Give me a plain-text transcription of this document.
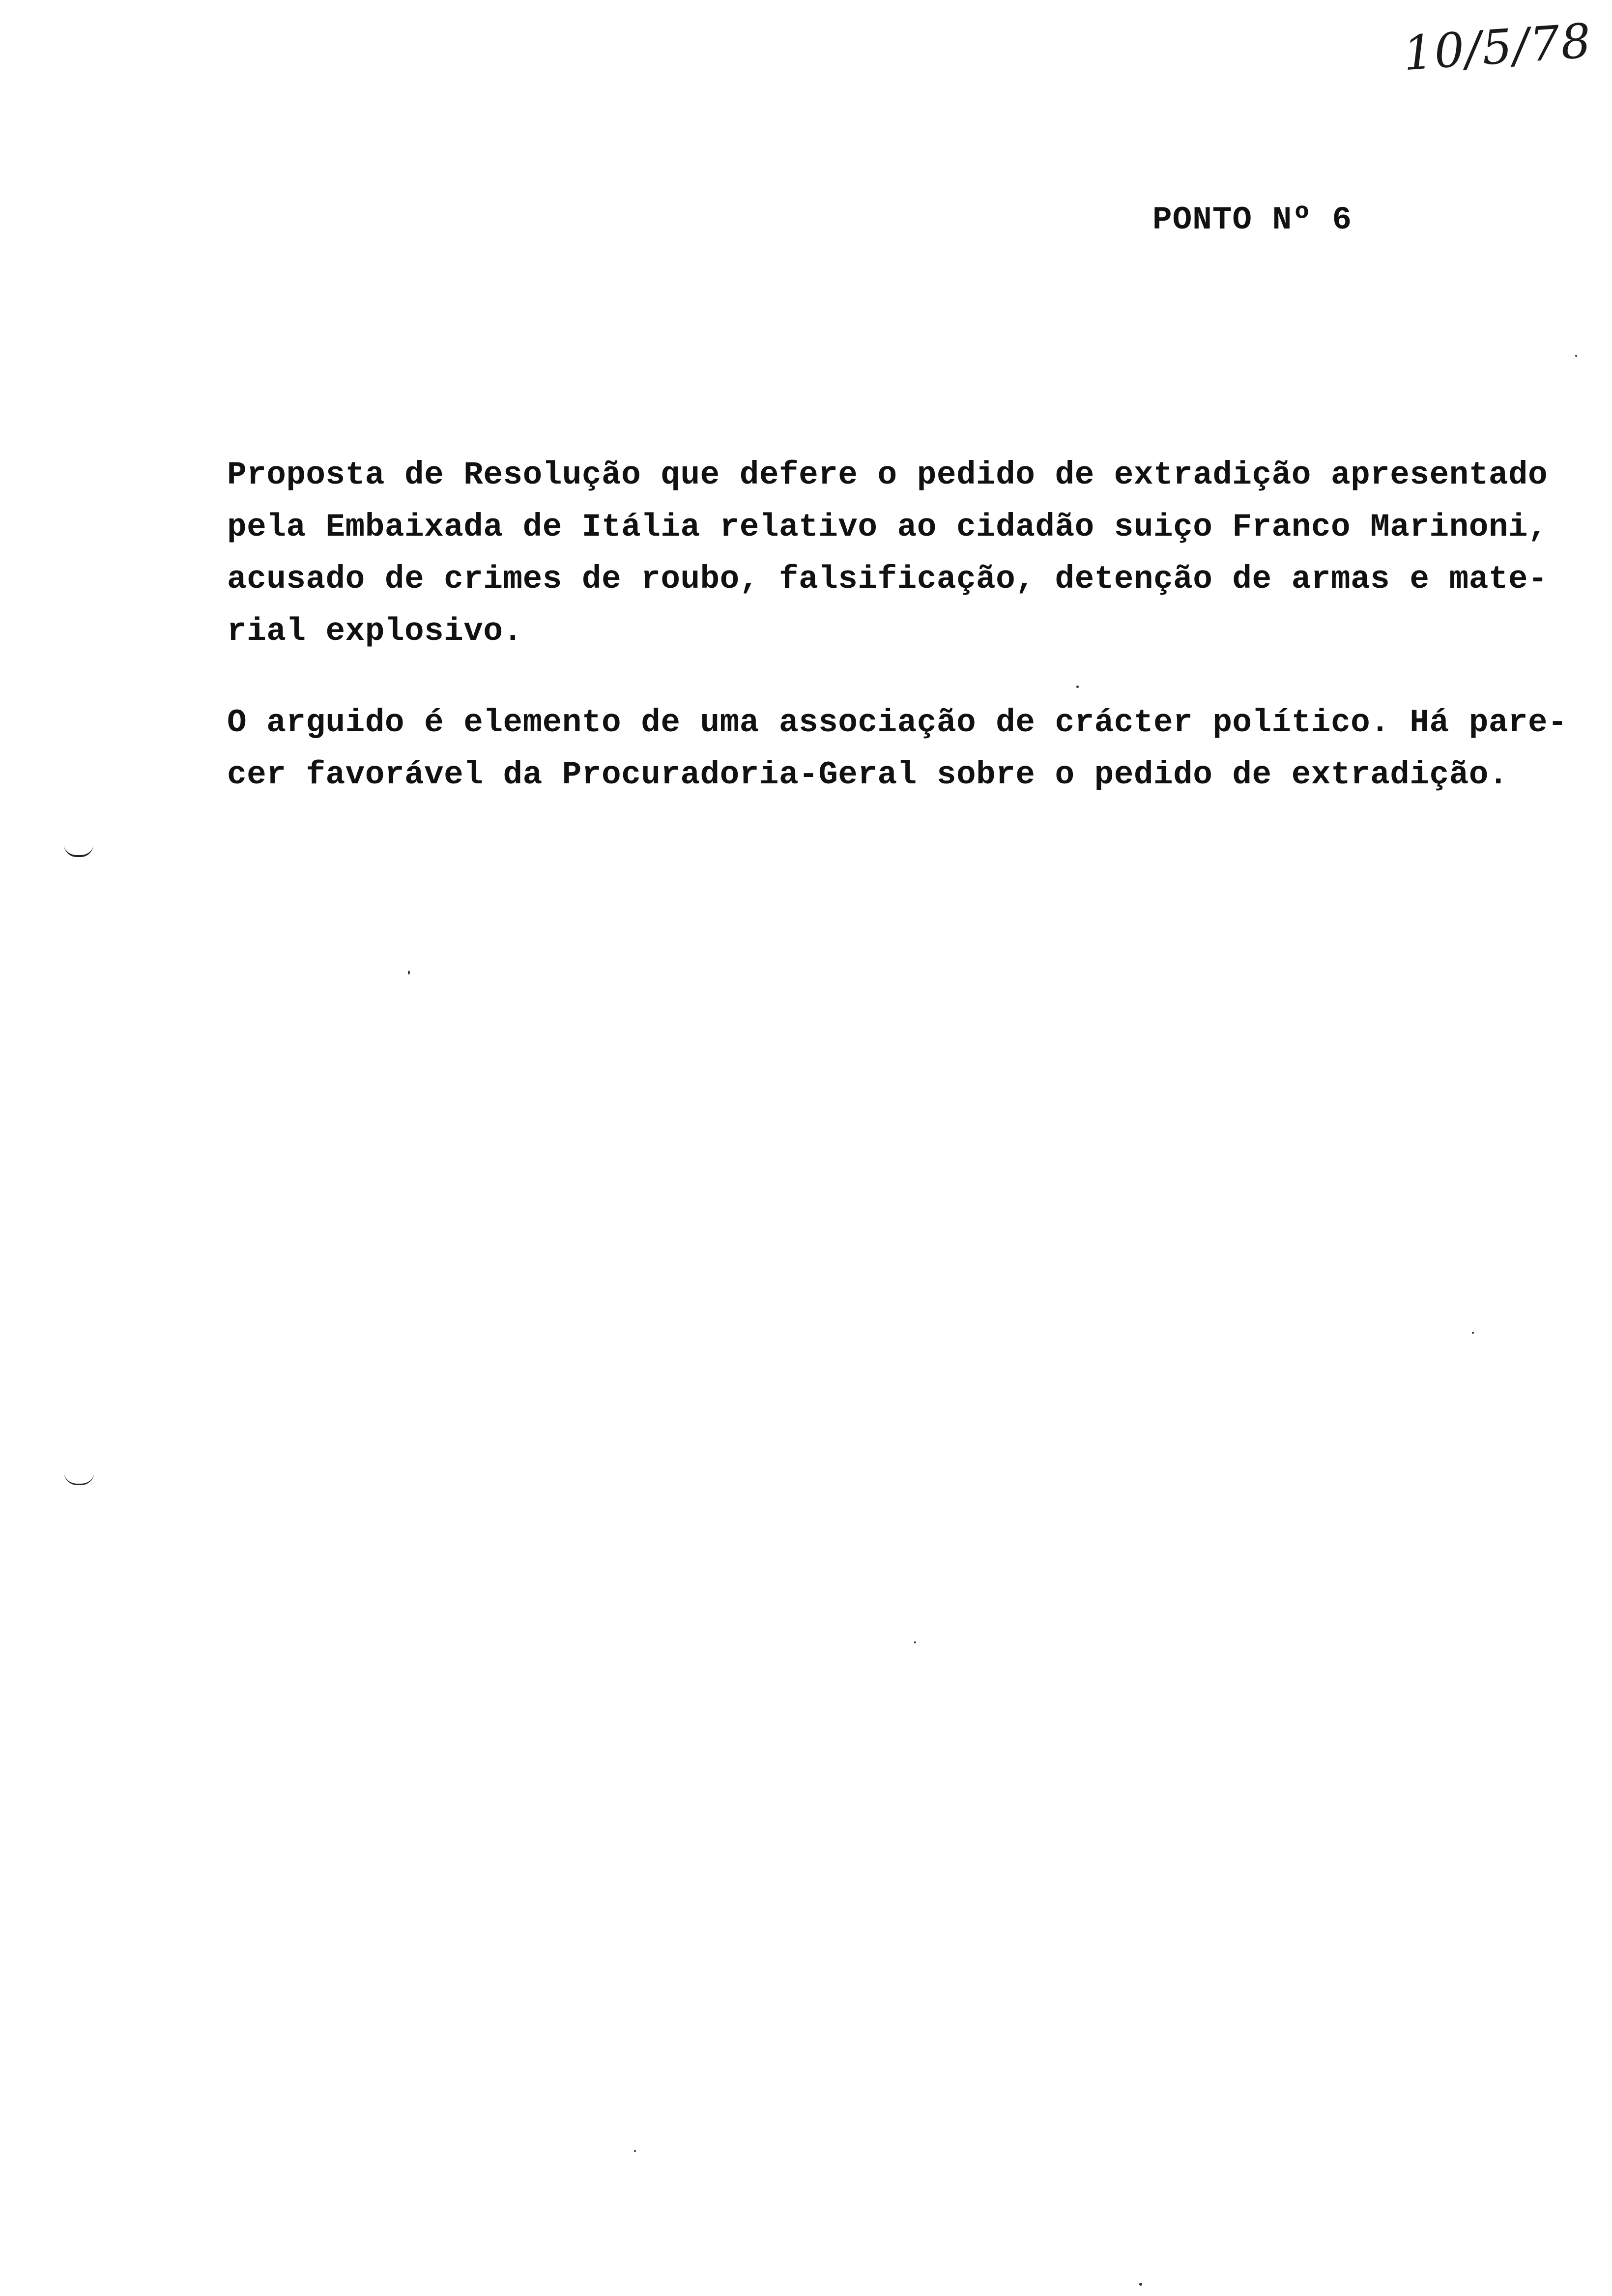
10/5/78
PONTO Nº 6
Proposta de Resolução que defere o pedido de extradição apresentado
pela Embaixada de Itália relativo ao cidadão suiço Franco Marinoni,
acusado de crimes de roubo, falsificação, detenção de armas e mate-
rial explosivo.
O arguido é elemento de uma associação de crácter político. Há pare-
cer favorável da Procuradoria-Geral sobre o pedido de extradição.
